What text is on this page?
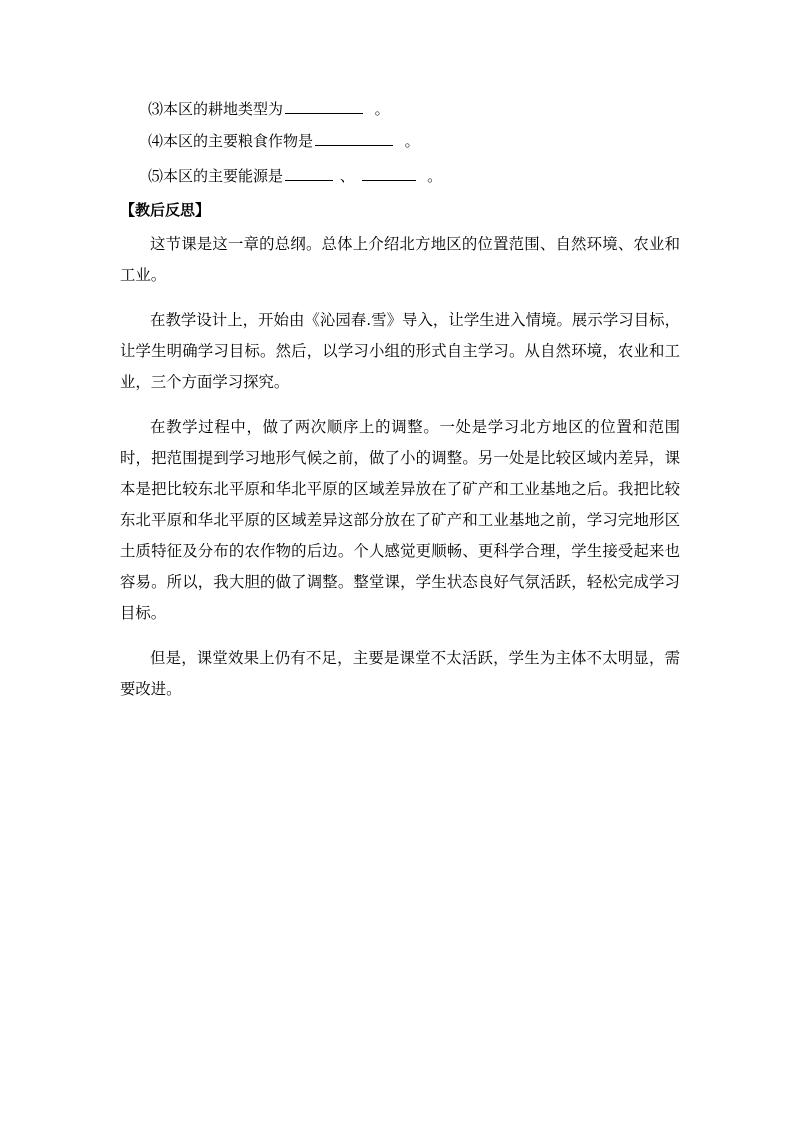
⑶本区的耕地类型为	。
⑷本区的主要粮食作物是	。
⑸本区的主要能源是	、	。
【教后反思】

这节课是这一章的总纲。总体上介绍北方地区的位置范围、自然环境、农业和工业。

在教学设计上，开始由《沁园春.雪》导入，让学生进入情境。展示学习目标，让学生明确学习目标。然后，以学习小组的形式自主学习。从自然环境，农业和工业，三个方面学习探究。

在教学过程中，做了两次顺序上的调整。一处是学习北方地区的位置和范围时，把范围提到学习地形气候之前，做了小的调整。另一处是比较区域内差异，课本是把比较东北平原和华北平原的区域差异放在了矿产和工业基地之后。我把比较东北平原和华北平原的区域差异这部分放在了矿产和工业基地之前，学习完地形区土质特征及分布的农作物的后边。个人感觉更顺畅、更科学合理，学生接受起来也容易。所以，我大胆的做了调整。整堂课，学生状态良好气氛活跃，轻松完成学习目标。

但是，课堂效果上仍有不足，主要是课堂不太活跃，学生为主体不太明显，需要改进。
